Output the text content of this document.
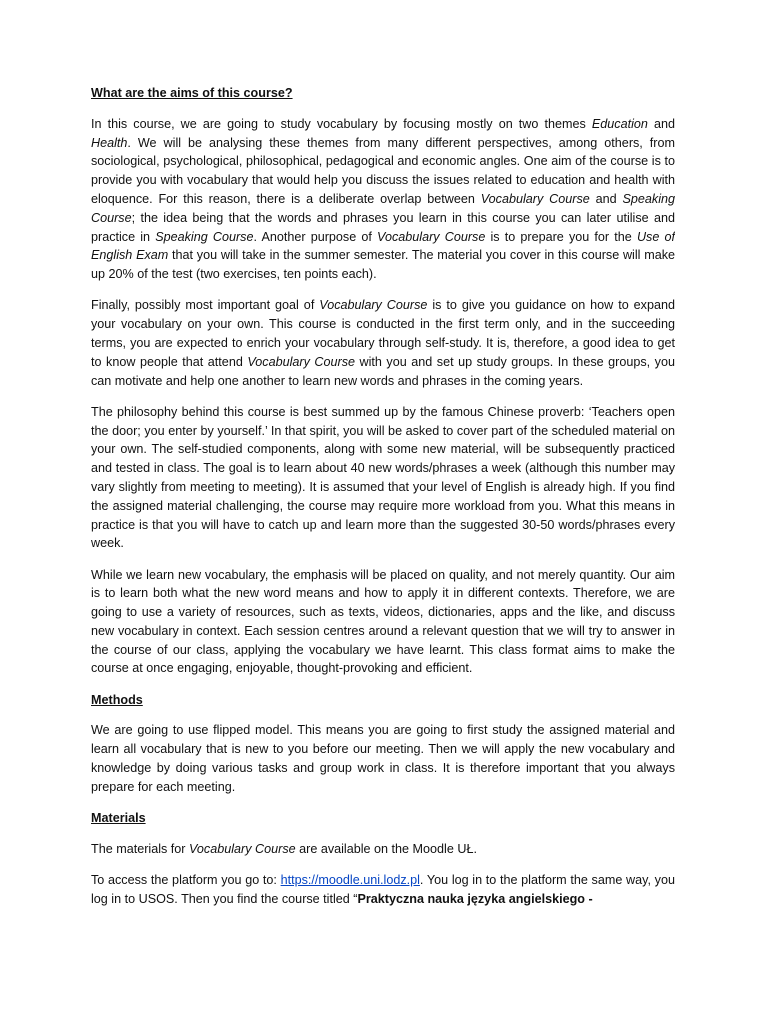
What are the aims of this course?

In this course, we are going to study vocabulary by focusing mostly on two themes Education and Health. We will be analysing these themes from many different perspectives, among others, from sociological, psychological, philosophical, pedagogical and economic angles. One aim of the course is to provide you with vocabulary that would help you discuss the issues related to education and health with eloquence. For this reason, there is a deliberate overlap between Vocabulary Course and Speaking Course; the idea being that the words and phrases you learn in this course you can later utilise and practice in Speaking Course. Another purpose of Vocabulary Course is to prepare you for the Use of English Exam that you will take in the summer semester. The material you cover in this course will make up 20% of the test (two exercises, ten points each).

Finally, possibly most important goal of Vocabulary Course is to give you guidance on how to expand your vocabulary on your own. This course is conducted in the first term only, and in the succeeding terms, you are expected to enrich your vocabulary through self-study. It is, therefore, a good idea to get to know people that attend Vocabulary Course with you and set up study groups. In these groups, you can motivate and help one another to learn new words and phrases in the coming years.

The philosophy behind this course is best summed up by the famous Chinese proverb: ‘Teachers open the door; you enter by yourself.’ In that spirit, you will be asked to cover part of the scheduled material on your own. The self-studied components, along with some new material, will be subsequently practiced and tested in class. The goal is to learn about 40 new words/phrases a week (although this number may vary slightly from meeting to meeting). It is assumed that your level of English is already high. If you find the assigned material challenging, the course may require more workload from you. What this means in practice is that you will have to catch up and learn more than the suggested 30-50 words/phrases every week.

While we learn new vocabulary, the emphasis will be placed on quality, and not merely quantity. Our aim is to learn both what the new word means and how to apply it in different contexts. Therefore, we are going to use a variety of resources, such as texts, videos, dictionaries, apps and the like, and discuss new vocabulary in context. Each session centres around a relevant question that we will try to answer in the course of our class, applying the vocabulary we have learnt. This class format aims to make the course at once engaging, enjoyable, thought-provoking and efficient.

Methods

We are going to use flipped model. This means you are going to first study the assigned material and learn all vocabulary that is new to you before our meeting. Then we will apply the new vocabulary and knowledge by doing various tasks and group work in class. It is therefore important that you always prepare for each meeting.

Materials

The materials for Vocabulary Course are available on the Moodle UŁ.

To access the platform you go to: https://moodle.uni.lodz.pl. You log in to the platform the same way, you log in to USOS. Then you find the course titled “Praktyczna nauka języka angielskiego -
